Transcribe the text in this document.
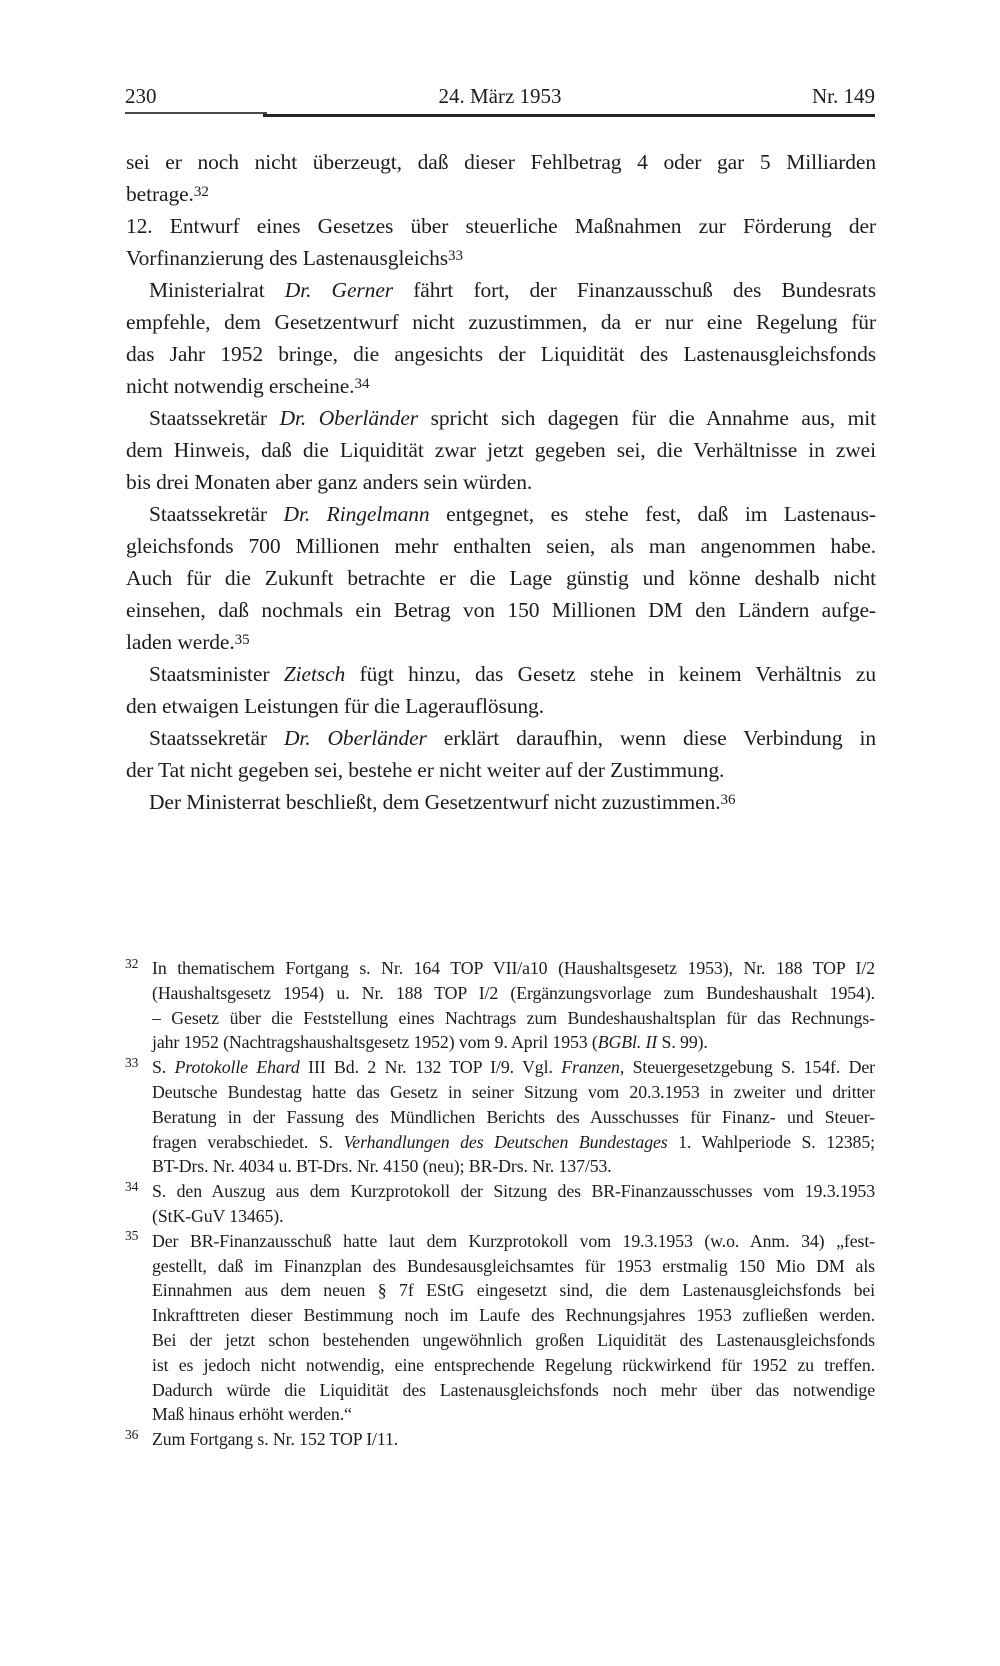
230	24. März 1953	Nr. 149
sei er noch nicht überzeugt, daß dieser Fehlbetrag 4 oder gar 5 Milliarden
betrage.$^{32}$
12. Entwurf eines Gesetzes über steuerliche Maßnahmen zur Förderung der
Vorfinanzierung des Lastenausgleichs$^{33}$
Ministerialrat Dr. Gerner fährt fort, der Finanzausschuß des Bundesrats
empfehle, dem Gesetzentwurf nicht zuzustimmen, da er nur eine Regelung für
das Jahr 1952 bringe, die angesichts der Liquidität des Lastenausgleichsfonds
nicht notwendig erscheine.$^{34}$
Staatssekretär Dr. Oberländer spricht sich dagegen für die Annahme aus, mit
dem Hinweis, daß die Liquidität zwar jetzt gegeben sei, die Verhältnisse in zwei
bis drei Monaten aber ganz anders sein würden.
Staatssekretär Dr. Ringelmann entgegnet, es stehe fest, daß im Lastenaus-
gleichsfonds 700 Millionen mehr enthalten seien, als man angenommen habe.
Auch für die Zukunft betrachte er die Lage günstig und könne deshalb nicht
einsehen, daß nochmals ein Betrag von 150 Millionen DM den Ländern aufge-
laden werde.$^{35}$
Staatsminister Zietsch fügt hinzu, das Gesetz stehe in keinem Verhältnis zu
den etwaigen Leistungen für die Lagerauflösung.
Staatssekretär Dr. Oberländer erklärt daraufhin, wenn diese Verbindung in
der Tat nicht gegeben sei, bestehe er nicht weiter auf der Zustimmung.
Der Ministerrat beschließt, dem Gesetzentwurf nicht zuzustimmen.$^{36}$
In thematischem Fortgang s. Nr. 164 TOP VII/a10 (Haushaltsgesetz 1953), Nr. 188 TOP I/2
32
(Haushaltsgesetz 1954) u. Nr. 188 TOP I/2 (Ergänzungsvorlage zum Bundeshaushalt 1954).
– Gesetz über die Feststellung eines Nachtrags zum Bundeshaushaltsplan für das Rechnungs-
jahr 1952 (Nachtragshaushaltsgesetz 1952) vom 9. April 1953 (BGBl. II S. 99).
S. Protokolle Ehard III Bd. 2 Nr. 132 TOP I/9. Vgl. Franzen, Steuergesetzgebung S. 154f. Der
33
Deutsche Bundestag hatte das Gesetz in seiner Sitzung vom 20.3.1953 in zweiter und dritter
Beratung in der Fassung des Mündlichen Berichts des Ausschusses für Finanz- und Steuer-
fragen verabschiedet. S. Verhandlungen des Deutschen Bundestages 1. Wahlperiode S. 12385;
BT-Drs. Nr. 4034 u. BT-Drs. Nr. 4150 (neu); BR-Drs. Nr. 137/53.
S. den Auszug aus dem Kurzprotokoll der Sitzung des BR-Finanzausschusses vom 19.3.1953
34
(StK-GuV 13465).
Der BR-Finanzausschuß hatte laut dem Kurzprotokoll vom 19.3.1953 (w.o. Anm. 34) „fest-
35
gestellt, daß im Finanzplan des Bundesausgleichsamtes für 1953 erstmalig 150 Mio DM als
Einnahmen aus dem neuen § 7f EStG eingesetzt sind, die dem Lastenausgleichsfonds bei
Inkrafttreten dieser Bestimmung noch im Laufe des Rechnungsjahres 1953 zufließen werden.
Bei der jetzt schon bestehenden ungewöhnlich großen Liquidität des Lastenausgleichsfonds
ist es jedoch nicht notwendig, eine entsprechende Regelung rückwirkend für 1952 zu treffen.
Dadurch würde die Liquidität des Lastenausgleichsfonds noch mehr über das notwendige
Maß hinaus erhöht werden.“
Zum Fortgang s. Nr. 152 TOP I/11.
36
